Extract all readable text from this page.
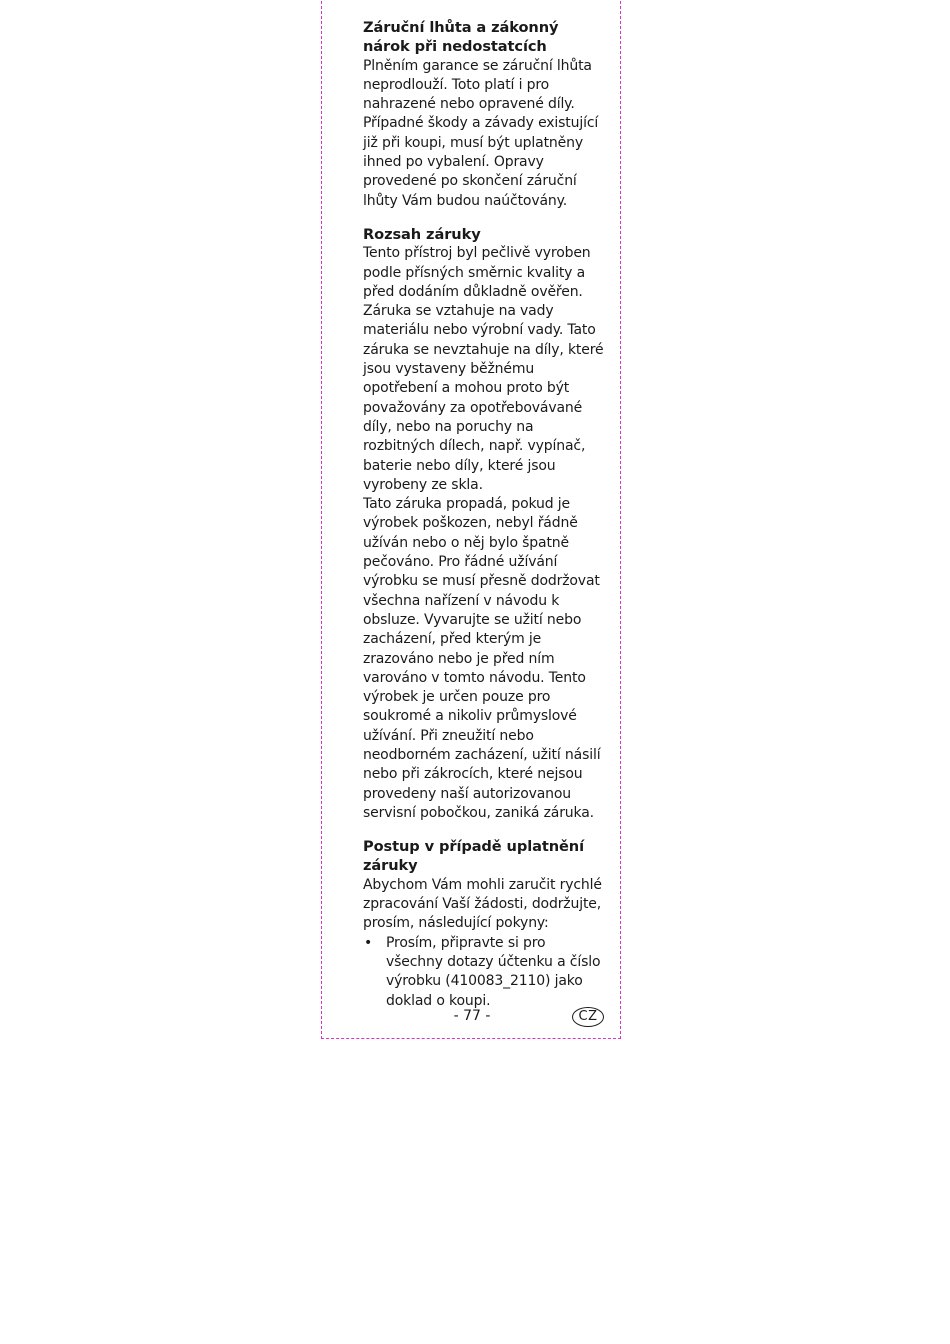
Záruční lhůta a zákonný nárok při nedostatcích

Plněním garance se záruční lhůta neprodlouží. Toto platí i pro nahrazené nebo opravené díly. Případné škody a závady existující již při koupi, musí být uplatněny ihned po vybalení. Opravy provedené po skončení záruční lhůty Vám budou naúčtovány.

Rozsah záruky

Tento přístroj byl pečlivě vyroben podle přísných směrnic kvality a před dodáním důkladně ověřen. Záruka se vztahuje na vady materiálu nebo výrobní vady. Tato záruka se nevztahuje na díly, které jsou vystaveny běžnému opotřebení a mohou proto být považovány za opotřebovávané díly, nebo na poruchy na rozbitných dílech, např. vypínač, baterie nebo díly, které jsou vyrobeny ze skla.

Tato záruka propadá, pokud je výrobek poškozen, nebyl řádně užíván nebo o něj bylo špatně pečováno. Pro řádné užívání výrobku se musí přesně dodržovat všechna nařízení v návodu k obsluze. Vyvarujte se užití nebo zacházení, před kterým je zrazováno nebo je před ním varováno v tomto návodu. Tento výrobek je určen pouze pro soukromé a nikoliv průmyslové užívání. Při zneužití nebo neodborném zacházení, užití násilí nebo při zákrocích, které nejsou provedeny naší autorizovanou servisní pobočkou, zaniká záruka.

Postup v případě uplatnění záruky

Abychom Vám mohli zaručit rychlé zpracování Vaší žádosti, dodržujte, prosím, následující pokyny:

• Prosím, připravte si pro všechny dotazy účtenku a číslo výrobku (410083_2110) jako doklad o koupi.
- 77 -	CZ
